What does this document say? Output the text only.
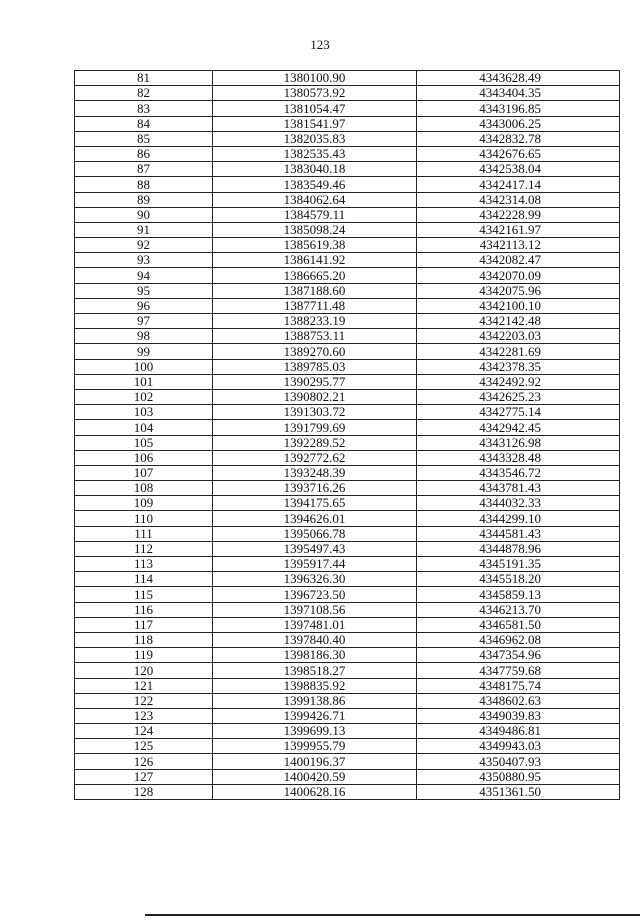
123
81	1380100.90	4343628.49
82	1380573.92	4343404.35
83	1381054.47	4343196.85
84	1381541.97	4343006.25
85	1382035.83	4342832.78
86	1382535.43	4342676.65
87	1383040.18	4342538.04
88	1383549.46	4342417.14
89	1384062.64	4342314.08
90	1384579.11	4342228.99
91	1385098.24	4342161.97
92	1385619.38	4342113.12
93	1386141.92	4342082.47
94	1386665.20	4342070.09
95	1387188.60	4342075.96
96	1387711.48	4342100.10
97	1388233.19	4342142.48
98	1388753.11	4342203.03
99	1389270.60	4342281.69
100	1389785.03	4342378.35
101	1390295.77	4342492.92
102	1390802.21	4342625.23
103	1391303.72	4342775.14
104	1391799.69	4342942.45
105	1392289.52	4343126.98
106	1392772.62	4343328.48
107	1393248.39	4343546.72
108	1393716.26	4343781.43
109	1394175.65	4344032.33
110	1394626.01	4344299.10
111	1395066.78	4344581.43
112	1395497.43	4344878.96
113	1395917.44	4345191.35
114	1396326.30	4345518.20
115	1396723.50	4345859.13
116	1397108.56	4346213.70
117	1397481.01	4346581.50
118	1397840.40	4346962.08
119	1398186.30	4347354.96
120	1398518.27	4347759.68
121	1398835.92	4348175.74
122	1399138.86	4348602.63
123	1399426.71	4349039.83
124	1399699.13	4349486.81
125	1399955.79	4349943.03
126	1400196.37	4350407.93
127	1400420.59	4350880.95
128	1400628.16	4351361.50
